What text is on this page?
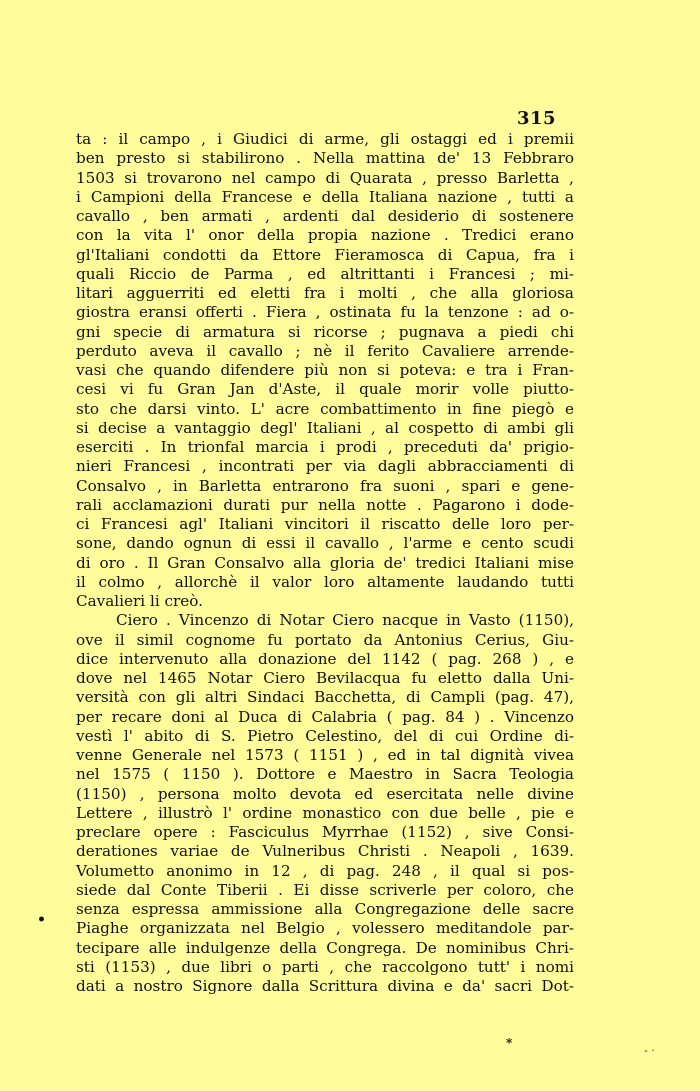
315
ta : il campo , i Giudici di arme, gli ostaggi ed i premii
ben presto si stabilirono . Nella mattina de' 13 Febbraro
1503 si trovarono nel campo di Quarata , presso Barletta ,
i Campioni della Francese e della Italiana nazione , tutti a
cavallo , ben armati , ardenti dal desiderio di sostenere
con la vita l' onor della propia nazione . Tredici erano
gl'Italiani condotti da Ettore Fieramosca di Capua, fra i
quali Riccio de Parma , ed altrittanti i Francesi ; mi-
litari agguerriti ed eletti fra i molti , che alla gloriosa
giostra eransi offerti . Fiera , ostinata fu la tenzone : ad o-
gni specie di armatura si ricorse ; pugnava a piedi chi
perduto aveva il cavallo ; nè il ferito Cavaliere arrende-
vasi che quando difendere più non si poteva: e tra i Fran-
cesi vi fu Gran Jan d'Aste, il quale morir volle piutto-
sto che darsi vinto. L' acre combattimento in fine piegò e
si decise a vantaggio degl' Italiani , al cospetto di ambi gli
eserciti . In trionfal marcia i prodi , preceduti da' prigio-
nieri Francesi , incontrati per via dagli abbracciamenti di
Consalvo , in Barletta entrarono fra suoni , spari e gene-
rali acclamazioni durati pur nella notte . Pagarono i dode-
ci Francesi agl' Italiani vincitori il riscatto delle loro per-
sone, dando ognun di essi il cavallo , l'arme e cento scudi
di oro . Il Gran Consalvo alla gloria de' tredici Italiani mise
il colmo , allorchè il valor loro altamente laudando tutti
Cavalieri li creò.
Ciero . Vincenzo di Notar Ciero nacque in Vasto (1150),
ove il simil cognome fu portato da Antonius Cerius, Giu-
dice intervenuto alla donazione del 1142 ( pag. 268 ) , e
dove nel 1465 Notar Ciero Bevilacqua fu eletto dalla Uni-
versità con gli altri Sindaci Bacchetta, di Campli (pag. 47),
per recare doni al Duca di Calabria ( pag. 84 ) . Vincenzo
vestì l' abito di S. Pietro Celestino, del di cui Ordine di-
venne Generale nel 1573 ( 1151 ) , ed in tal dignità vivea
nel 1575 ( 1150 ). Dottore e Maestro in Sacra Teologia
(1150) , persona molto devota ed esercitata nelle divine
Lettere , illustrò l' ordine monastico con due belle , pie e
preclare opere : Fasciculus Myrrhae (1152) , sive Consi-
derationes variae de Vulneribus Christi . Neapoli , 1639.
Volumetto anonimo in 12 , di pag. 248 , il qual si pos-
siede dal Conte Tiberii . Ei disse scriverle per coloro, che
senza espressa ammissione alla Congregazione delle sacre
Piaghe organizzata nel Belgio , volessero meditandole par-
tecipare alle indulgenze della Congrega. De nominibus Chri-
sti (1153) , due libri o parti , che raccolgono tutt' i nomi
dati a nostro Signore dalla Scrittura divina e da' sacri Dot-
•
*
- ·
